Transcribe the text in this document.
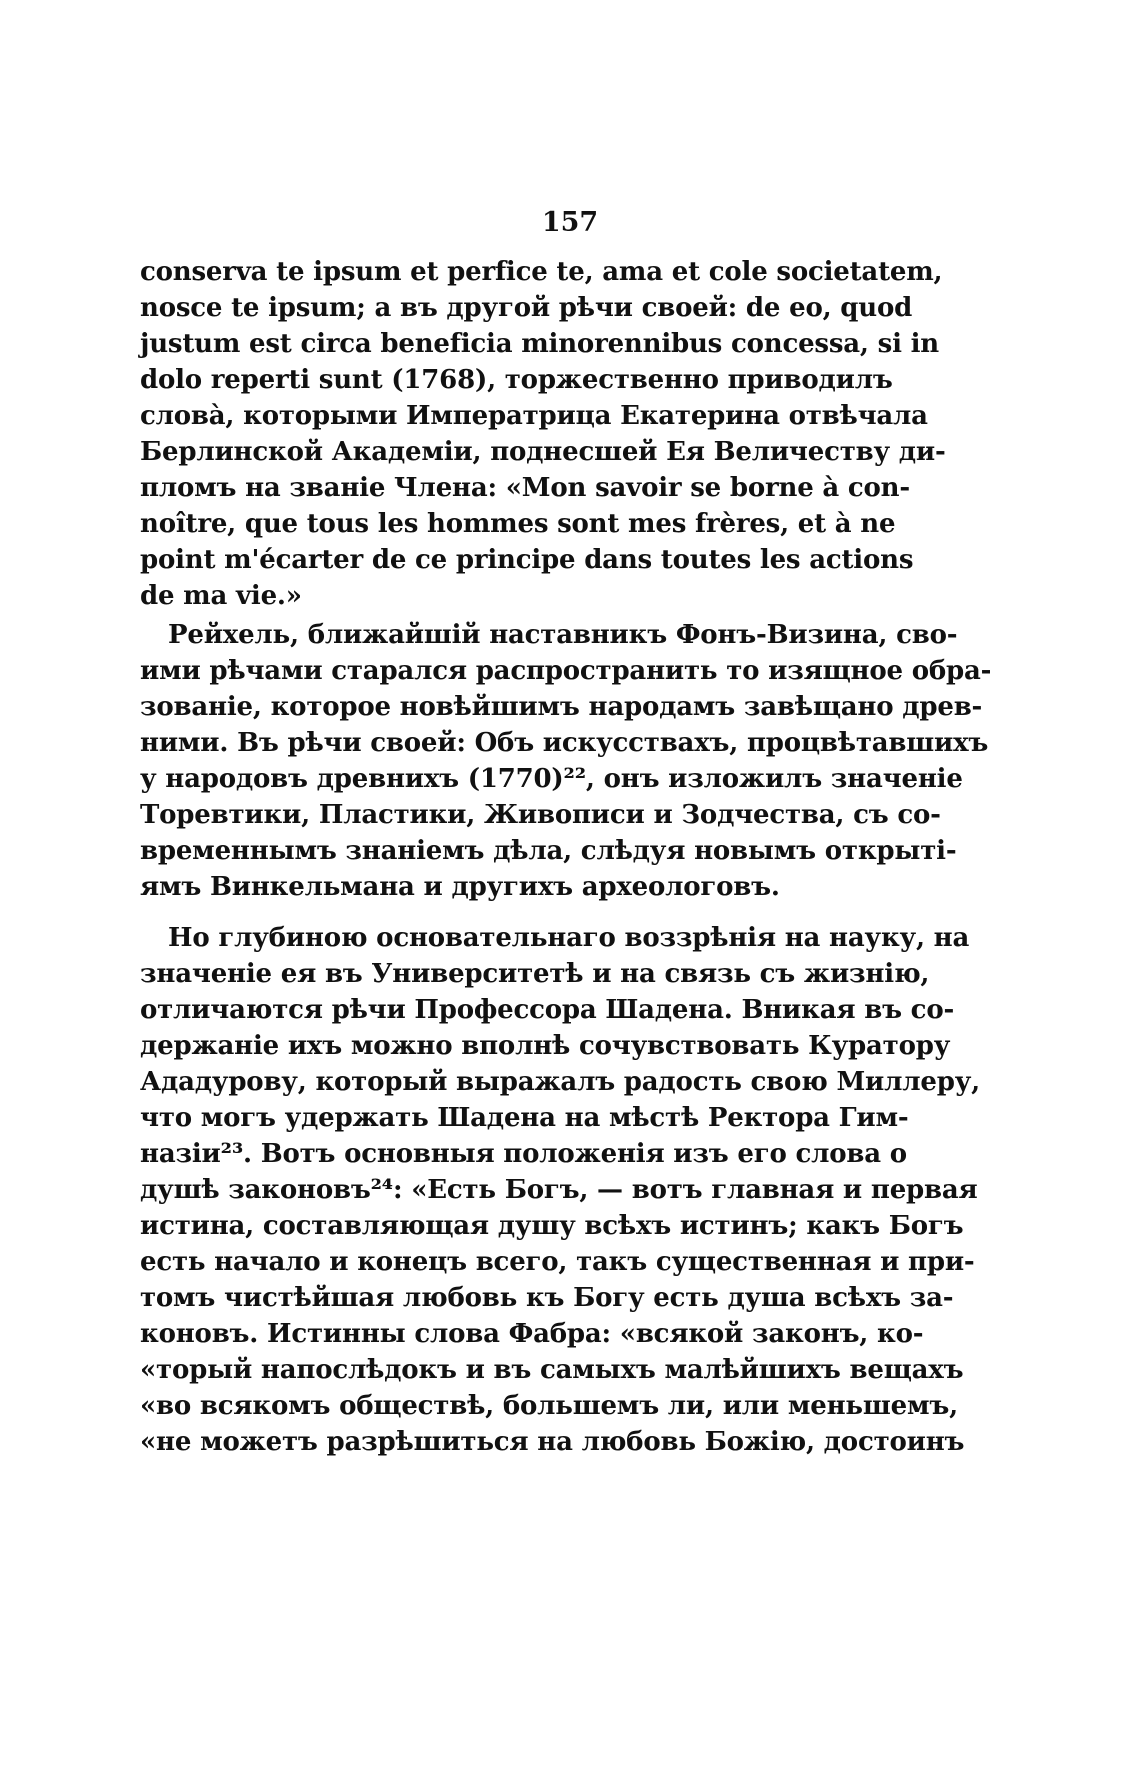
157
conserva te ipsum et perfice te, ama et cole societatem,
nosce te ipsum; a въ другой рѣчи своей: de eo, quod
justum est circa beneficia minorennibus concessa, si in
dolo reperti sunt (1768), торжественно приводилъ
слова̀, которыми Императрица Екатерина отвѣчала
Берлинской Академіи, поднесшей Ея Величеству ди-
пломъ на званіе Члена: «Mon savoir se borne à con-
noître, que tous les hommes sont mes frères, et à ne
point m'écarter de ce principe dans toutes les actions
de ma vie.»
Рейхель, ближайшій наставникъ Фонъ-Визина, сво-
ими рѣчами старался распространить то изящное обра-
зованіе, которое новѣйшимъ народамъ завѣщано древ-
ними. Въ рѣчи своей: Объ искусствахъ, процвѣтавшихъ
у народовъ древнихъ (1770)²², онъ изложилъ значеніе
Торевтики, Пластики, Живописи и Зодчества, съ со-
временнымъ знаніемъ дѣла, слѣдуя новымъ открыті-
ямъ Винкельмана и другихъ археологовъ.
Но глубиною основательнаго воззрѣнія на науку, на
значеніе ея въ Университетѣ и на связь съ жизнію,
отличаются рѣчи Профессора Шадена. Вникая въ со-
держаніе ихъ можно вполнѣ сочувствовать Куратору
Ададурову, который выражалъ радость свою Миллеру,
что могъ удержать Шадена на мѣстѣ Ректора Гим-
назіи²³. Вотъ основныя положенія изъ его слова о
душѣ законовъ²⁴: «Есть Богъ, — вотъ главная и первая
истина, составляющая душу всѣхъ истинъ; какъ Богъ
есть начало и конецъ всего, такъ существенная и при-
томъ чистѣйшая любовь къ Богу есть душа всѣхъ за-
коновъ. Истинны слова Фабра: «всякой законъ, ко-
«торый напослѣдокъ и въ самыхъ малѣйшихъ вещахъ
«во всякомъ обществѣ, большемъ ли, или меньшемъ,
«не можетъ разрѣшиться на любовь Божію, достоинъ
